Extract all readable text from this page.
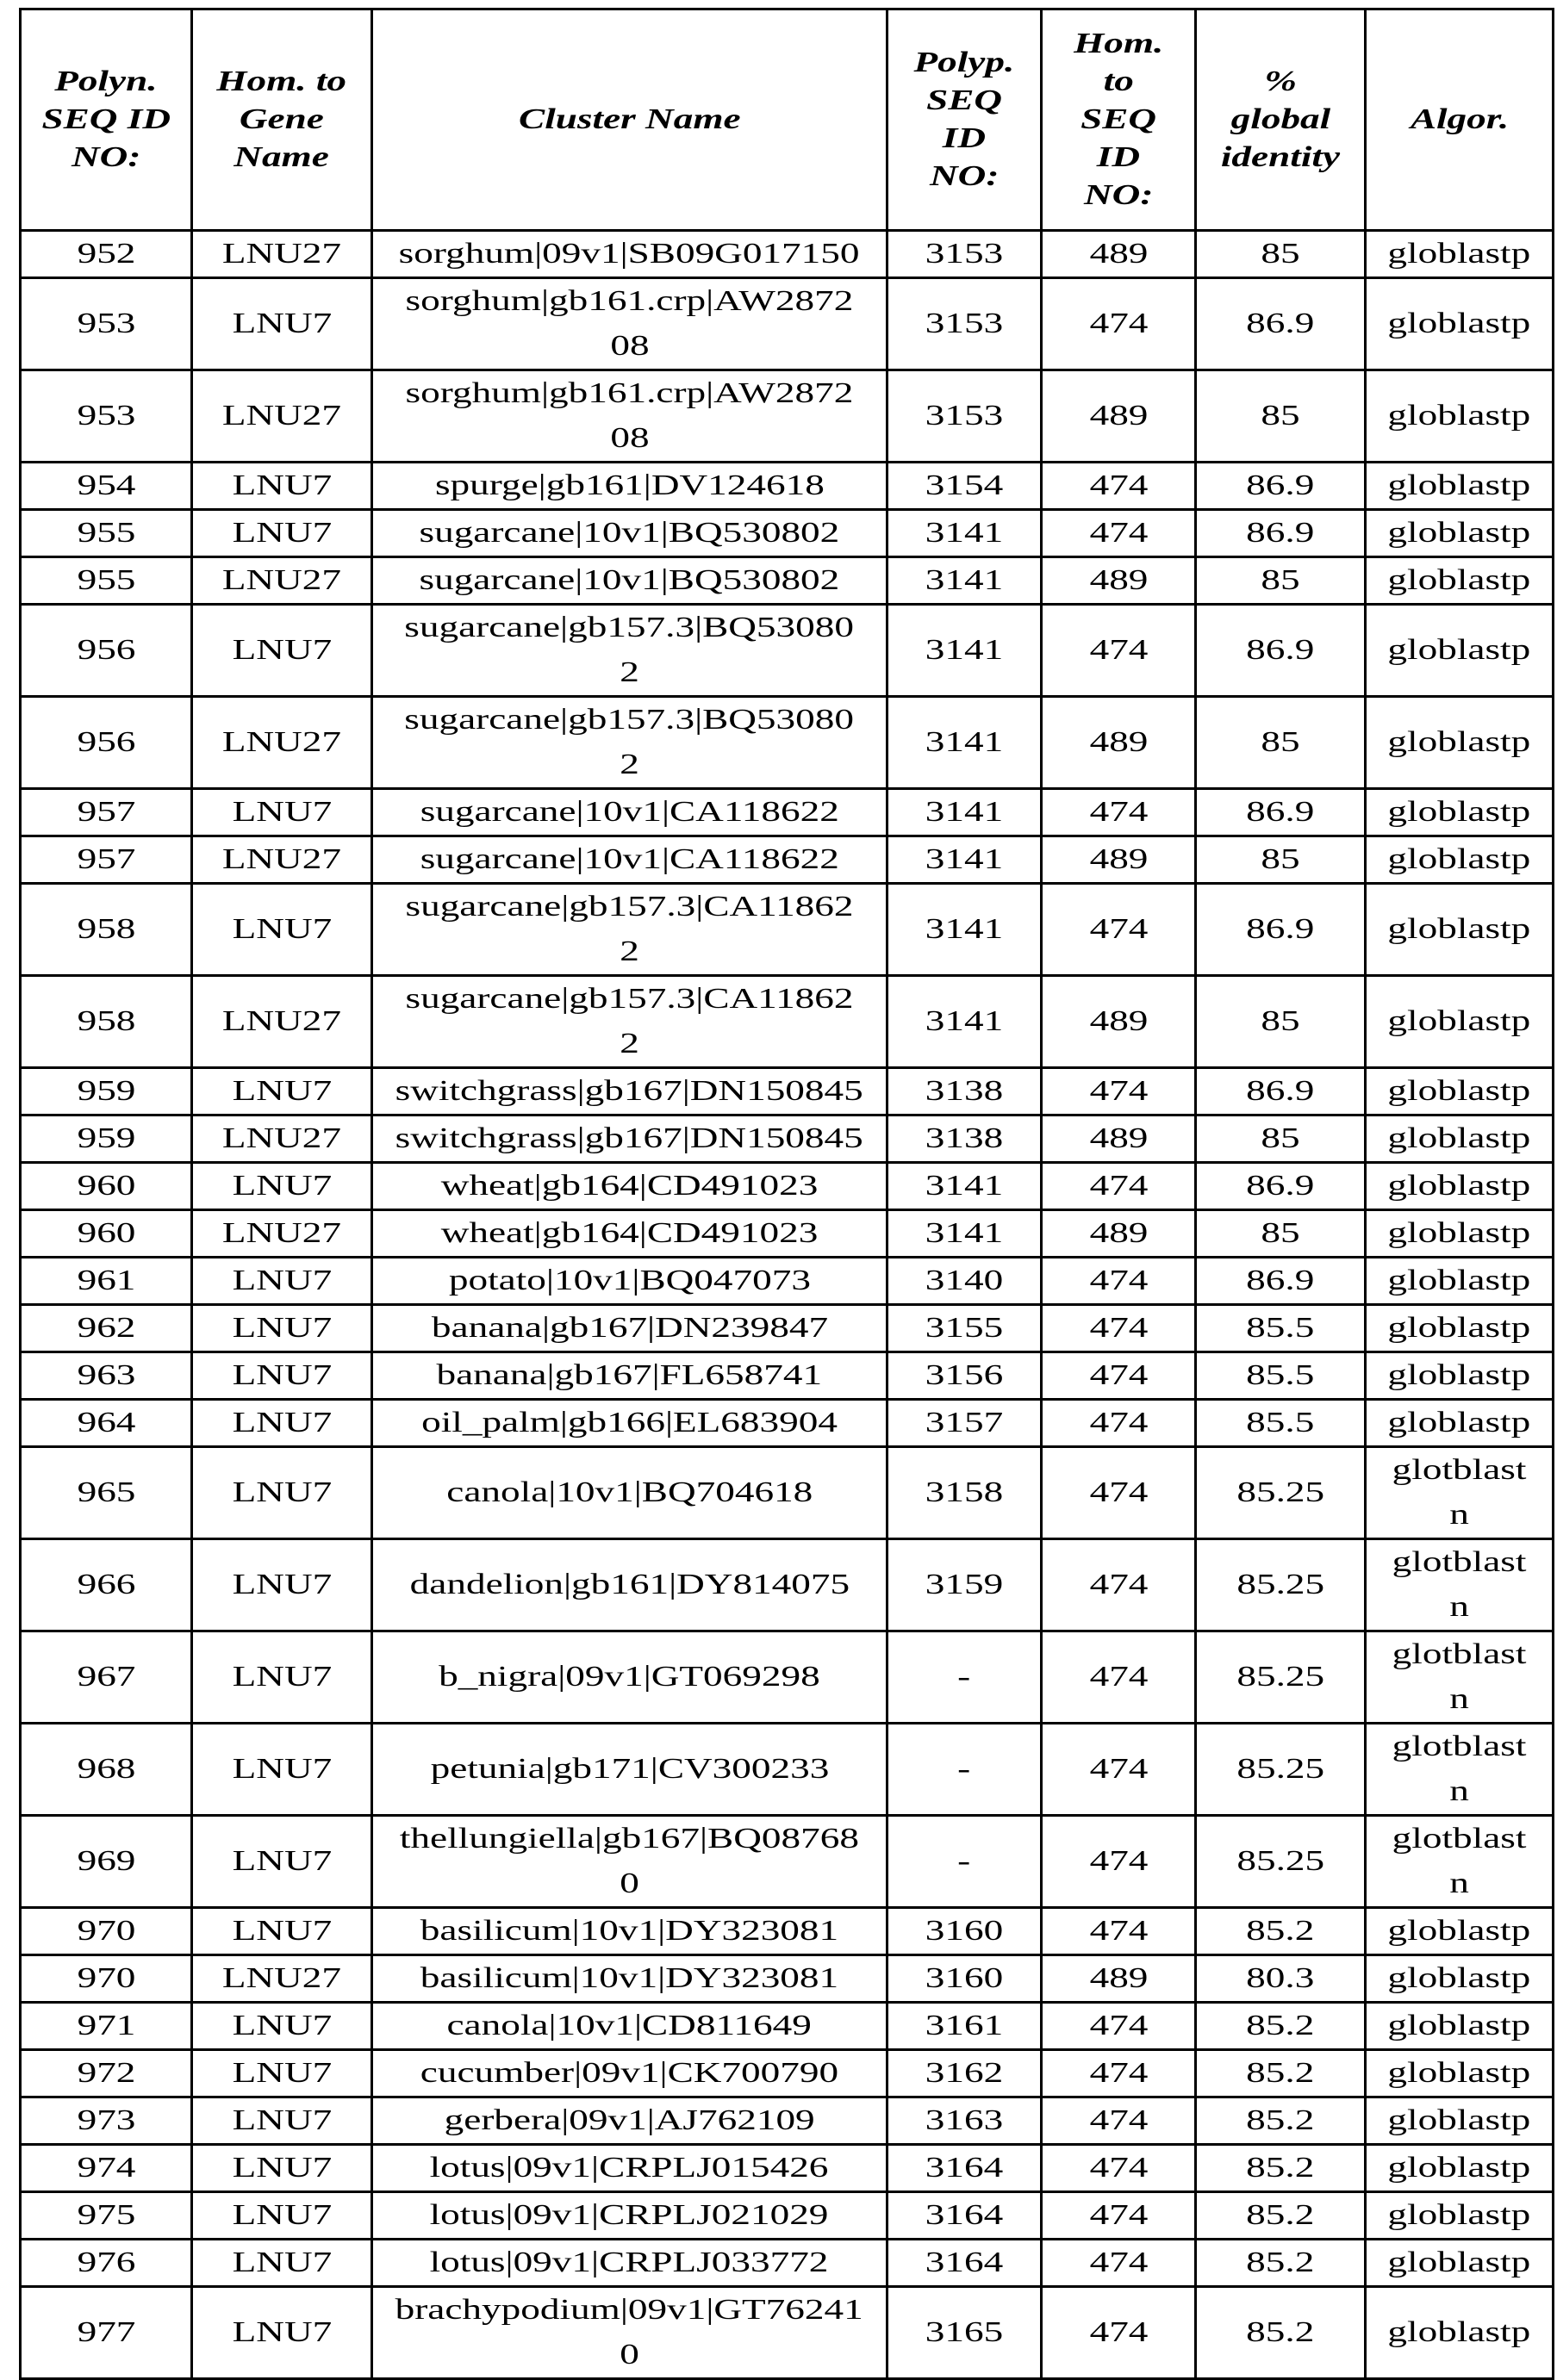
Polyn.
SEQ ID
NO:	Hom. to
Gene
Name	Cluster Name	Polyp.
SEQ
ID
NO:	Hom.
to
SEQ
ID
NO:	%
global
identity	Algor.

952	LNU27	sorghum|09v1|SB09G017150	3153	489	85	globlastp

953	LNU7	sorghum|gb161.crp|AW2872
08	3153	474	86.9	globlastp

953	LNU27	sorghum|gb161.crp|AW2872
08	3153	489	85	globlastp

954	LNU7	spurge|gb161|DV124618	3154	474	86.9	globlastp

955	LNU7	sugarcane|10v1|BQ530802	3141	474	86.9	globlastp

955	LNU27	sugarcane|10v1|BQ530802	3141	489	85	globlastp

956	LNU7	sugarcane|gb157.3|BQ53080
2	3141	474	86.9	globlastp

956	LNU27	sugarcane|gb157.3|BQ53080
2	3141	489	85	globlastp

957	LNU7	sugarcane|10v1|CA118622	3141	474	86.9	globlastp

957	LNU27	sugarcane|10v1|CA118622	3141	489	85	globlastp

958	LNU7	sugarcane|gb157.3|CA11862
2	3141	474	86.9	globlastp

958	LNU27	sugarcane|gb157.3|CA11862
2	3141	489	85	globlastp

959	LNU7	switchgrass|gb167|DN150845	3138	474	86.9	globlastp

959	LNU27	switchgrass|gb167|DN150845	3138	489	85	globlastp

960	LNU7	wheat|gb164|CD491023	3141	474	86.9	globlastp

960	LNU27	wheat|gb164|CD491023	3141	489	85	globlastp

961	LNU7	potato|10v1|BQ047073	3140	474	86.9	globlastp

962	LNU7	banana|gb167|DN239847	3155	474	85.5	globlastp

963	LNU7	banana|gb167|FL658741	3156	474	85.5	globlastp

964	LNU7	oil_palm|gb166|EL683904	3157	474	85.5	globlastp

965	LNU7	canola|10v1|BQ704618	3158	474	85.25	glotblast
n

966	LNU7	dandelion|gb161|DY814075	3159	474	85.25	glotblast
n

967	LNU7	b_nigra|09v1|GT069298	-	474	85.25	glotblast
n

968	LNU7	petunia|gb171|CV300233	-	474	85.25	glotblast
n

969	LNU7	thellungiella|gb167|BQ08768
0	-	474	85.25	glotblast
n

970	LNU7	basilicum|10v1|DY323081	3160	474	85.2	globlastp

970	LNU27	basilicum|10v1|DY323081	3160	489	80.3	globlastp

971	LNU7	canola|10v1|CD811649	3161	474	85.2	globlastp

972	LNU7	cucumber|09v1|CK700790	3162	474	85.2	globlastp

973	LNU7	gerbera|09v1|AJ762109	3163	474	85.2	globlastp

974	LNU7	lotus|09v1|CRPLJ015426	3164	474	85.2	globlastp

975	LNU7	lotus|09v1|CRPLJ021029	3164	474	85.2	globlastp

976	LNU7	lotus|09v1|CRPLJ033772	3164	474	85.2	globlastp

977	LNU7	brachypodium|09v1|GT76241
0	3165	474	85.2	globlastp
